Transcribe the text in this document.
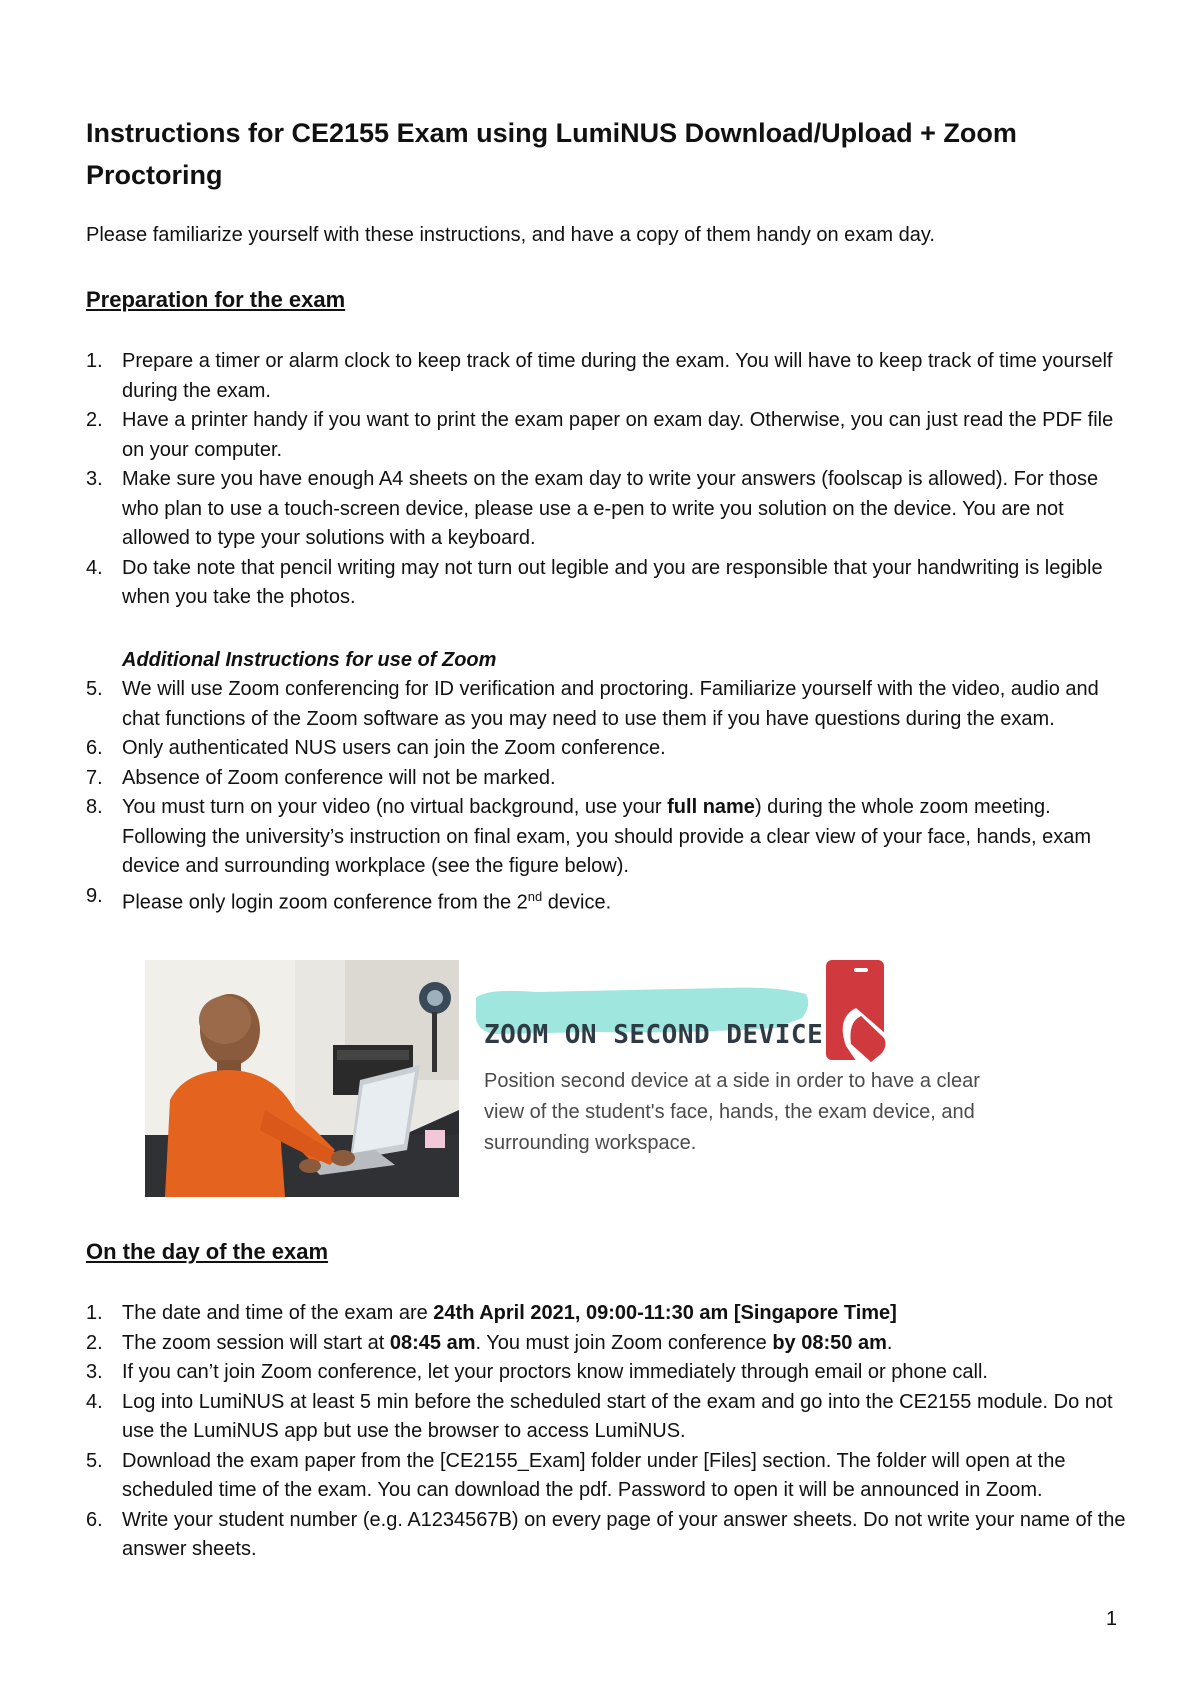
Instructions for CE2155 Exam using LumiNUS Download/Upload + Zoom Proctoring

Please familiarize yourself with these instructions, and have a copy of them handy on exam day.

Preparation for the exam
1. Prepare a timer or alarm clock to keep track of time during the exam. You will have to keep track of time yourself during the exam.
2. Have a printer handy if you want to print the exam paper on exam day. Otherwise, you can just read the PDF file on your computer.
3. Make sure you have enough A4 sheets on the exam day to write your answers (foolscap is allowed). For those who plan to use a touch-screen device, please use a e-pen to write you solution on the device. You are not allowed to type your solutions with a keyboard.
4. Do take note that pencil writing may not turn out legible and you are responsible that your handwriting is legible when you take the photos.

Additional Instructions for use of Zoom

5. We will use Zoom conferencing for ID verification and proctoring. Familiarize yourself with the video, audio and chat functions of the Zoom software as you may need to use them if you have questions during the exam.
6. Only authenticated NUS users can join the Zoom conference.
7. Absence of Zoom conference will not be marked.
8. You must turn on your video (no virtual background, use your full name) during the whole zoom meeting. Following the university’s instruction on final exam, you should provide a clear view of your face, hands, exam device and surrounding workplace (see the figure below).
9. Please only login zoom conference from the 2nd device.

ZOOM ON SECOND DEVICE

Position second device at a side in order to have a clear view of the student's face, hands, the exam device, and surrounding workspace.

On the day of the exam
1. The date and time of the exam are 24th April 2021, 09:00-11:30 am [Singapore Time]
2. The zoom session will start at 08:45 am. You must join Zoom conference by 08:50 am.
3. If you can’t join Zoom conference, let your proctors know immediately through email or phone call.
4. Log into LumiNUS at least 5 min before the scheduled start of the exam and go into the CE2155 module. Do not use the LumiNUS app but use the browser to access LumiNUS.
5. Download the exam paper from the [CE2155_Exam] folder under [Files] section. The folder will open at the scheduled time of the exam. You can download the pdf. Password to open it will be announced in Zoom.
6. Write your student number (e.g. A1234567B) on every page of your answer sheets. Do not write your name of the answer sheets.

1
